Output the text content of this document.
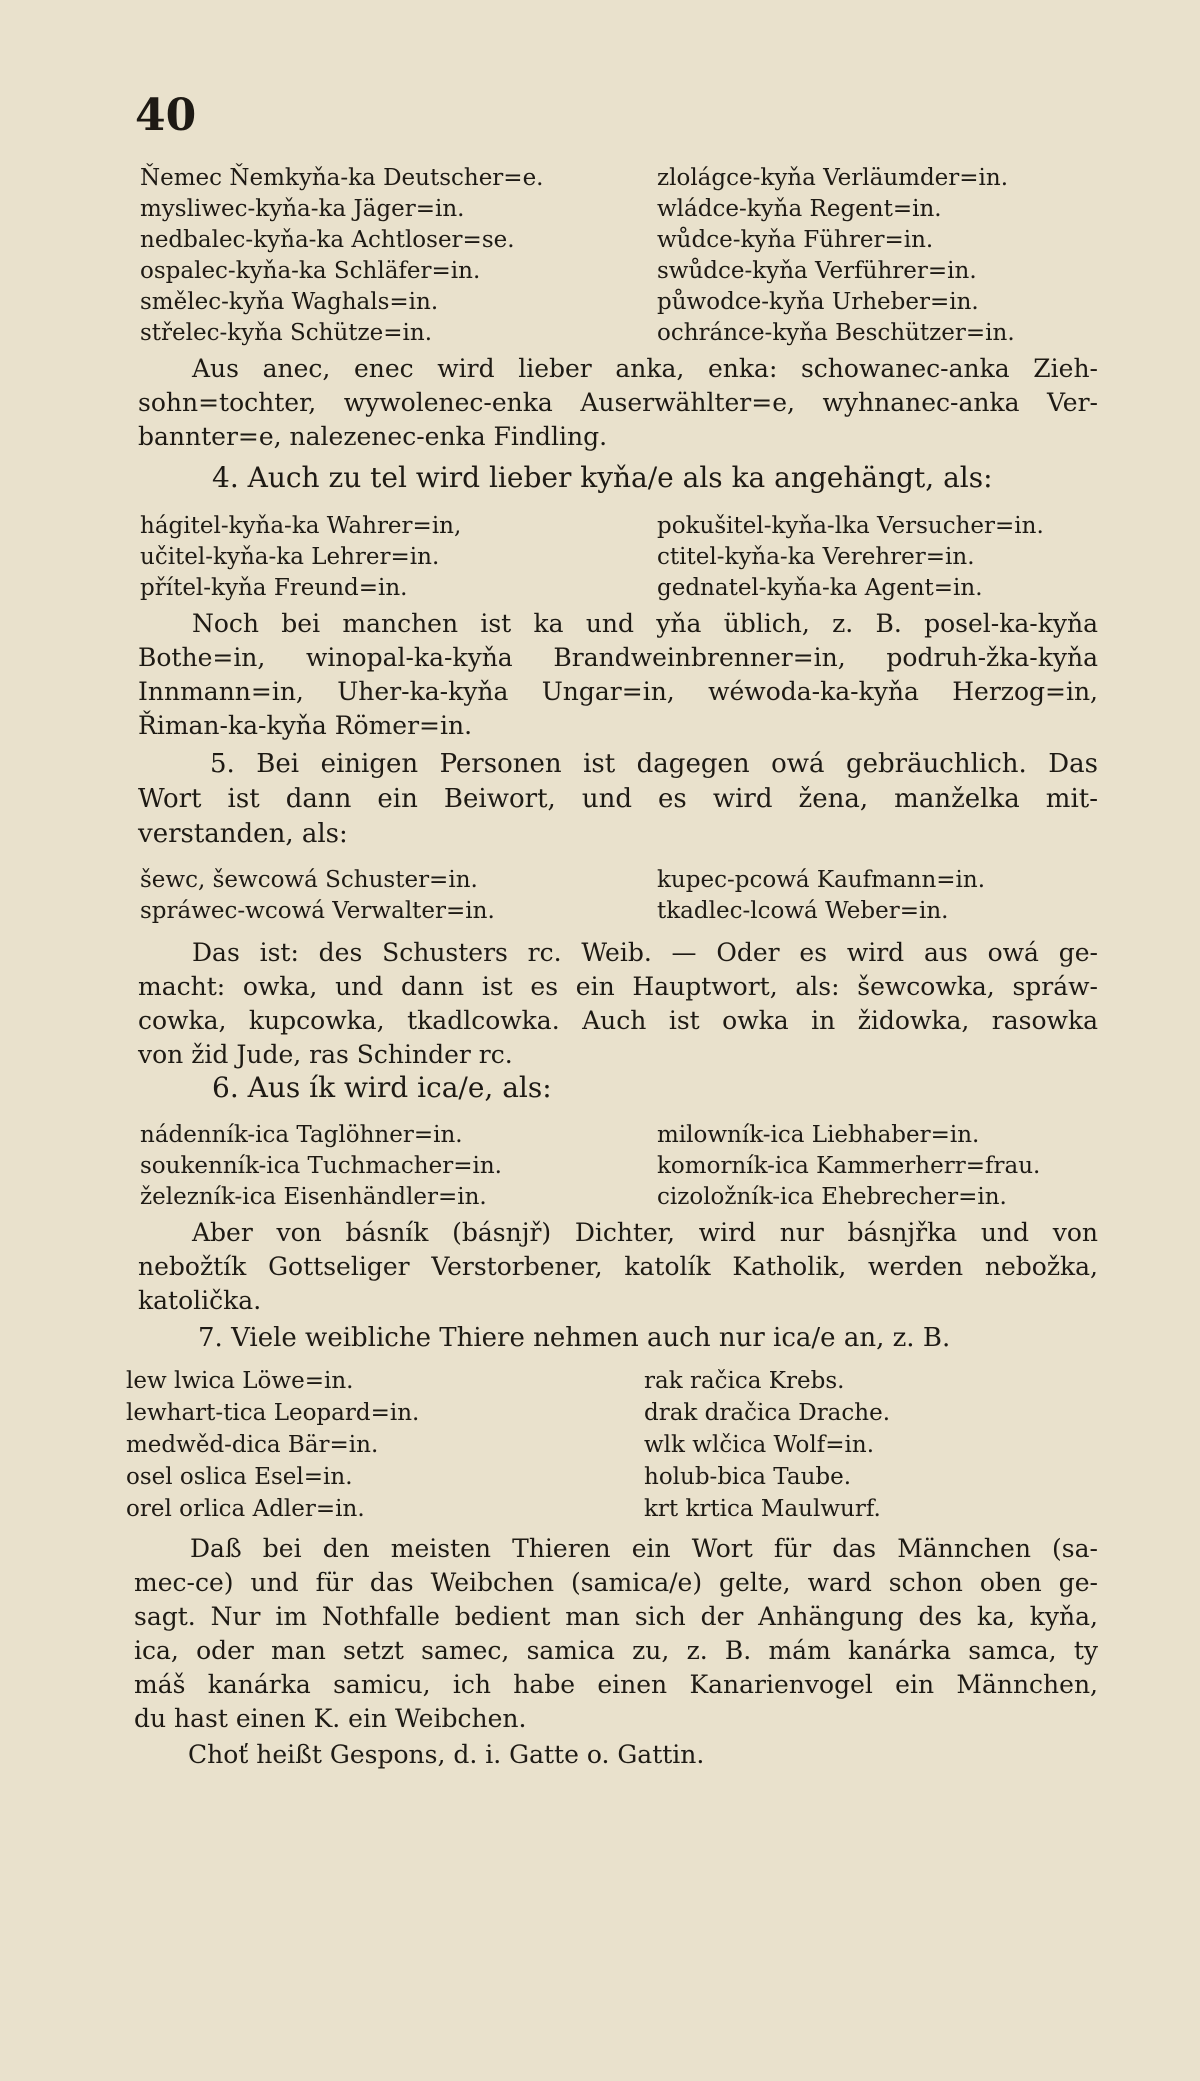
40
Ňemec Ňemkyňa-ka Deutscher=e.	zlolágce-kyňa Verläumder=in.
mysliwec-kyňa-ka Jäger=in.	wládce-kyňa Regent=in.
nedbalec-kyňa-ka Achtloser=se.	wůdce-kyňa Führer=in.
ospalec-kyňa-ka Schläfer=in.	swůdce-kyňa Verführer=in.
smělec-kyňa Waghals=in.	půwodce-kyňa Urheber=in.
střelec-kyňa Schütze=in.	ochránce-kyňa Beschützer=in.
Aus anec, enec wird lieber anka, enka: schowanec-anka Zieh-
sohn=tochter, wywolenec-enka Auserwählter=e, wyhnanec-anka Ver-
bannter=e, nalezenec-enka Findling.
4. Auch zu tel wird lieber kyňa/e als ka angehängt, als:
hágitel-kyňa-ka Wahrer=in,	pokušitel-kyňa-lka Versucher=in.
učitel-kyňa-ka Lehrer=in.	ctitel-kyňa-ka Verehrer=in.
přítel-kyňa Freund=in.	gednatel-kyňa-ka Agent=in.
Noch bei manchen ist ka und yňa üblich, z. B. posel-ka-kyňa
Bothe=in, winopal-ka-kyňa Brandweinbrenner=in, podruh-žka-kyňa
Innmann=in, Uher-ka-kyňa Ungar=in, wéwoda-ka-kyňa Herzog=in,
Řiman-ka-kyňa Römer=in.
5. Bei einigen Personen ist dagegen owá gebräuchlich. Das
Wort ist dann ein Beiwort, und es wird žena, manželka mit-
verstanden, als:
šewc, šewcowá Schuster=in.	kupec-pcowá Kaufmann=in.
spráwec-wcowá Verwalter=in.	tkadlec-lcowá Weber=in.
Das ist: des Schusters rc. Weib. — Oder es wird aus owá ge-
macht: owka, und dann ist es ein Hauptwort, als: šewcowka, spráw-
cowka, kupcowka, tkadlcowka. Auch ist owka in židowka, rasowka
von žid Jude, ras Schinder rc.
6. Aus ík wird ica/e, als:
nádenník-ica Taglöhner=in.	milowník-ica Liebhaber=in.
soukenník-ica Tuchmacher=in.	komorník-ica Kammerherr=frau.
železník-ica Eisenhändler=in.	cizoložník-ica Ehebrecher=in.
Aber von básník (básnjř) Dichter, wird nur básnjřka und von
nebožtík Gottseliger Verstorbener, katolík Katholik, werden nebožka,
katolička.
7. Viele weibliche Thiere nehmen auch nur ica/e an, z. B.
lew lwica Löwe=in.	rak račica Krebs.
lewhart-tica Leopard=in.	drak dračica Drache.
medwěd-dica Bär=in.	wlk wlčica Wolf=in.
osel oslica Esel=in.	holub-bica Taube.
orel orlica Adler=in.	krt krtica Maulwurf.
Daß bei den meisten Thieren ein Wort für das Männchen (sa-
mec-ce) und für das Weibchen (samica/e) gelte, ward schon oben ge-
sagt. Nur im Nothfalle bedient man sich der Anhängung des ka, kyňa,
ica, oder man setzt samec, samica zu, z. B. mám kanárka samca, ty
máš kanárka samicu, ich habe einen Kanarienvogel ein Männchen,
du hast einen K. ein Weibchen.
Choť heißt Gespons, d. i. Gatte o. Gattin.
